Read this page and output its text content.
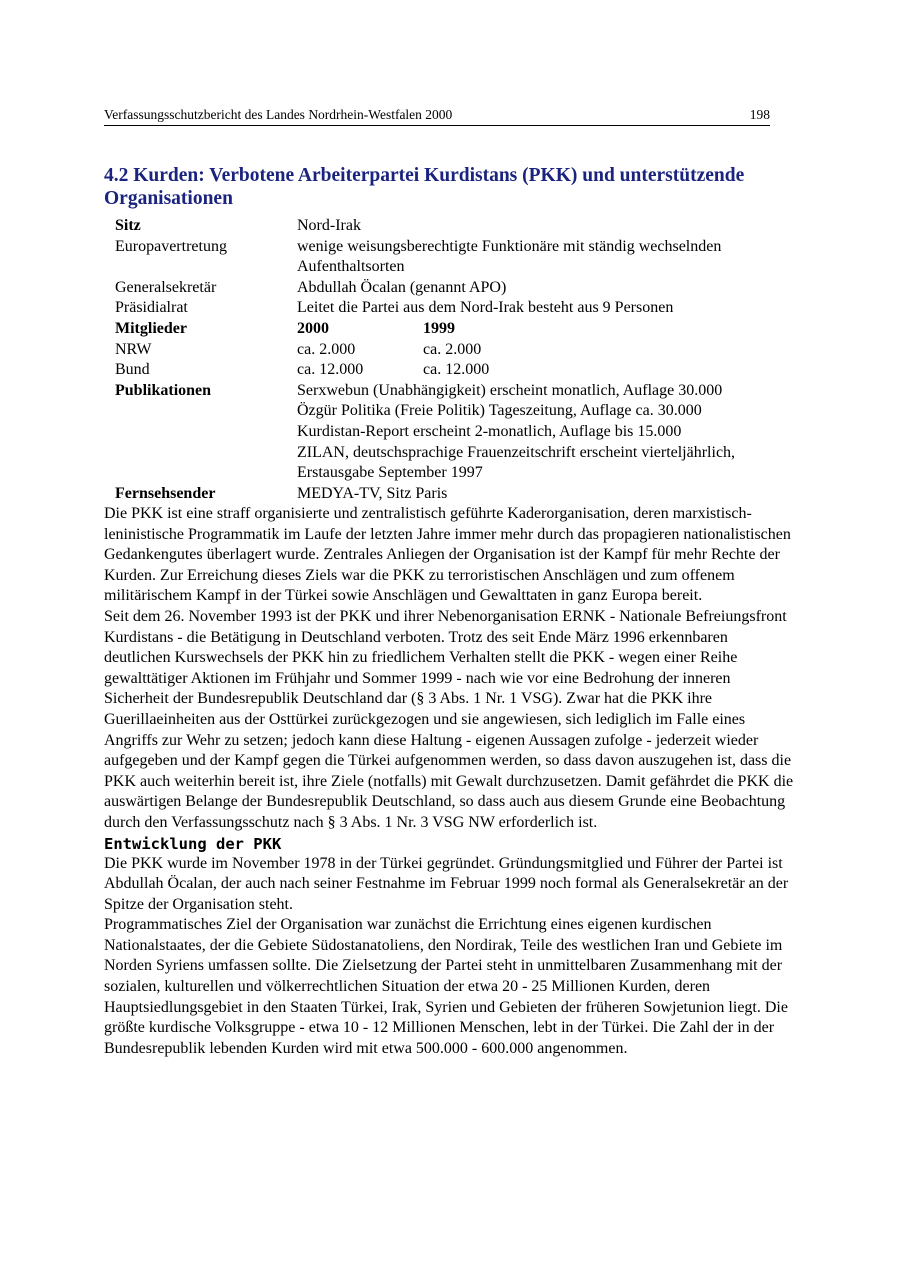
Verfassungsschutzbericht des Landes Nordrhein-Westfalen 2000	198
4.2 Kurden: Verbotene Arbeiterpartei Kurdistans (PKK) und unterstützende Organisationen
Sitz	Nord-Irak
Europavertretung	wenige weisungsberechtigte Funktionäre mit ständig wechselnden Aufenthaltsorten
Generalsekretär	Abdullah Öcalan (genannt APO)
Präsidialrat	Leitet die Partei aus dem Nord-Irak besteht aus 9 Personen
Mitglieder	2000	1999
NRW	ca. 2.000	ca. 2.000
Bund	ca. 12.000	ca. 12.000
Publikationen	Serxwebun (Unabhängigkeit) erscheint monatlich, Auflage 30.000
Özgür Politika (Freie Politik) Tageszeitung, Auflage ca. 30.000
Kurdistan-Report erscheint 2-monatlich, Auflage bis 15.000
ZILAN, deutschsprachige Frauenzeitschrift erscheint vierteljährlich, Erstausgabe September 1997
Fernsehsender	MEDYA-TV, Sitz Paris

Die PKK ist eine straff organisierte und zentralistisch geführte Kaderorganisation, deren marxistisch-leninistische Programmatik im Laufe der letzten Jahre immer mehr durch das propagieren nationalistischen Gedankengutes überlagert wurde. Zentrales Anliegen der Organisation ist der Kampf für mehr Rechte der Kurden. Zur Erreichung dieses Ziels war die PKK zu terroristischen Anschlägen und zum offenem militärischem Kampf in der Türkei sowie Anschlägen und Gewalttaten in ganz Europa bereit.

Seit dem 26. November 1993 ist der PKK und ihrer Nebenorganisation ERNK - Nationale Befreiungsfront Kurdistans - die Betätigung in Deutschland verboten. Trotz des seit Ende März 1996 erkennbaren deutlichen Kurswechsels der PKK hin zu friedlichem Verhalten stellt die PKK - wegen einer Reihe gewalttätiger Aktionen im Frühjahr und Sommer 1999 - nach wie vor eine Bedrohung der inneren Sicherheit der Bundesrepublik Deutschland dar (§ 3 Abs. 1 Nr. 1 VSG). Zwar hat die PKK ihre Guerillaeinheiten aus der Osttürkei zurückgezogen und sie angewiesen, sich lediglich im Falle eines Angriffs zur Wehr zu setzen; jedoch kann diese Haltung - eigenen Aussagen zufolge - jederzeit wieder aufgegeben und der Kampf gegen die Türkei aufgenommen werden, so dass davon auszugehen ist, dass die PKK auch weiterhin bereit ist, ihre Ziele (notfalls) mit Gewalt durchzusetzen. Damit gefährdet die PKK die auswärtigen Belange der Bundesrepublik Deutschland, so dass auch aus diesem Grunde eine Beobachtung durch den Verfassungsschutz nach § 3 Abs. 1 Nr. 3 VSG NW erforderlich ist.

Entwicklung der PKK

Die PKK wurde im November 1978 in der Türkei gegründet. Gründungsmitglied und Führer der Partei ist Abdullah Öcalan, der auch nach seiner Festnahme im Februar 1999 noch formal als Generalsekretär an der Spitze der Organisation steht.

Programmatisches Ziel der Organisation war zunächst die Errichtung eines eigenen kurdischen Nationalstaates, der die Gebiete Südostanatoliens, den Nordirak, Teile des westlichen Iran und Gebiete im Norden Syriens umfassen sollte. Die Zielsetzung der Partei steht in unmittelbaren Zusammenhang mit der sozialen, kulturellen und völkerrechtlichen Situation der etwa 20 - 25 Millionen Kurden, deren Hauptsiedlungsgebiet in den Staaten Türkei, Irak, Syrien und Gebieten der früheren Sowjetunion liegt. Die größte kurdische Volksgruppe - etwa 10 - 12 Millionen Menschen, lebt in der Türkei. Die Zahl der in der Bundesrepublik lebenden Kurden wird mit etwa 500.000 - 600.000 angenommen.
